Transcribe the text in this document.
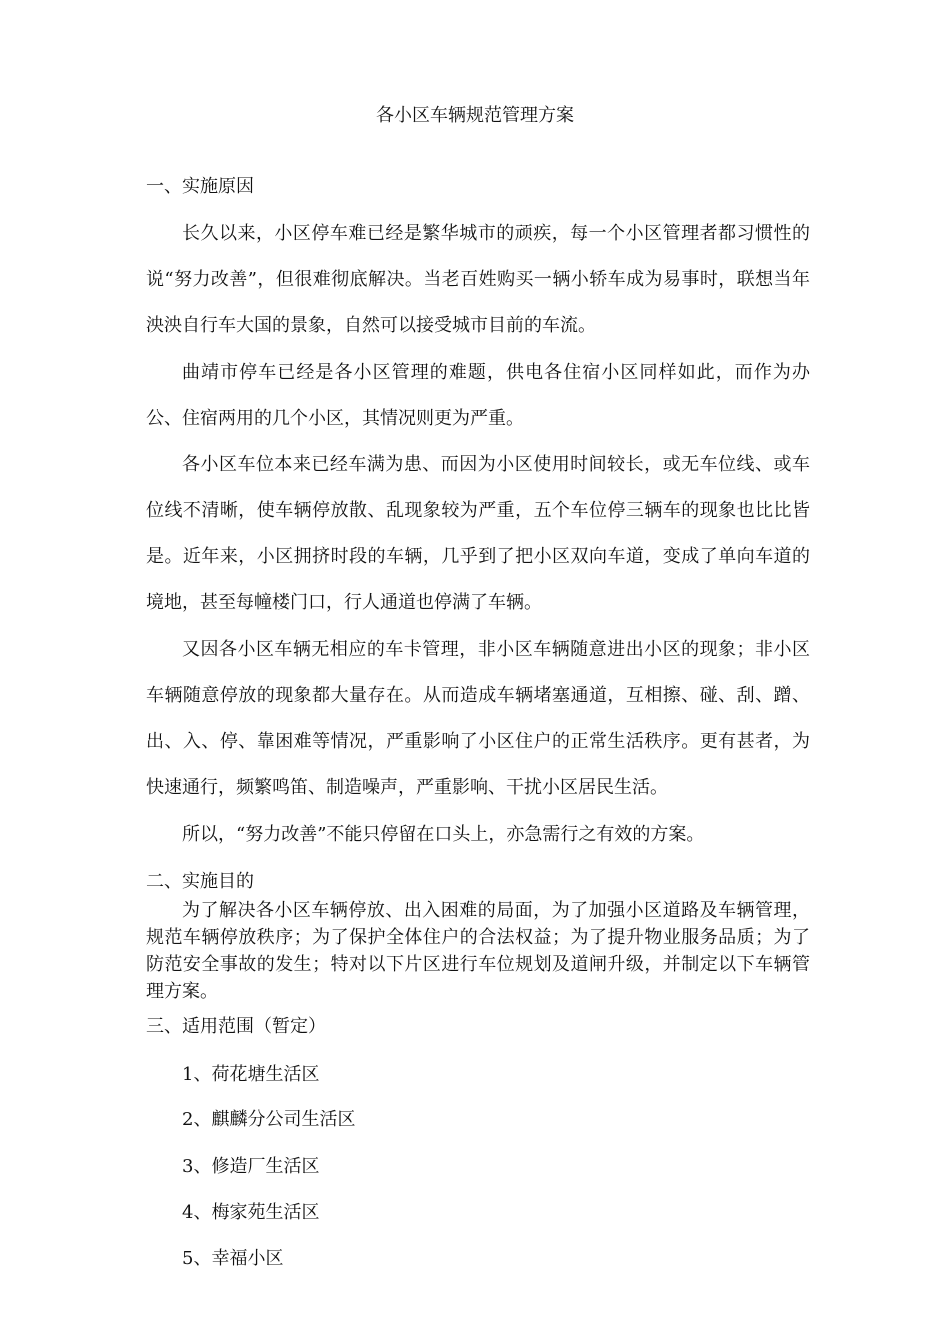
各小区车辆规范管理方案
一、实施原因
长久以来，小区停车难已经是繁华城市的顽疾，每一个小区管理者都习惯性的说“努力改善”，但很难彻底解决。当老百姓购买一辆小轿车成为易事时，联想当年泱泱自行车大国的景象，自然可以接受城市目前的车流。
曲靖市停车已经是各小区管理的难题，供电各住宿小区同样如此，而作为办公、住宿两用的几个小区，其情况则更为严重。
各小区车位本来已经车满为患、而因为小区使用时间较长，或无车位线、或车位线不清晰，使车辆停放散、乱现象较为严重，五个车位停三辆车的现象也比比皆是。近年来，小区拥挤时段的车辆，几乎到了把小区双向车道，变成了单向车道的境地，甚至每幢楼门口，行人通道也停满了车辆。
又因各小区车辆无相应的车卡管理，非小区车辆随意进出小区的现象；非小区车辆随意停放的现象都大量存在。从而造成车辆堵塞通道，互相擦、碰、刮、蹭、出、入、停、靠困难等情况，严重影响了小区住户的正常生活秩序。更有甚者，为快速通行，频繁鸣笛、制造噪声，严重影响、干扰小区居民生活。
所以，“努力改善”不能只停留在口头上，亦急需行之有效的方案。
二、实施目的
为了解决各小区车辆停放、出入困难的局面，为了加强小区道路及车辆管理，规范车辆停放秩序；为了保护全体住户的合法权益；为了提升物业服务品质；为了防范安全事故的发生；特对以下片区进行车位规划及道闸升级，并制定以下车辆管理方案。
三、适用范围（暂定）
1、荷花塘生活区
2、麒麟分公司生活区
3、修造厂生活区
4、梅家苑生活区
5、幸福小区
